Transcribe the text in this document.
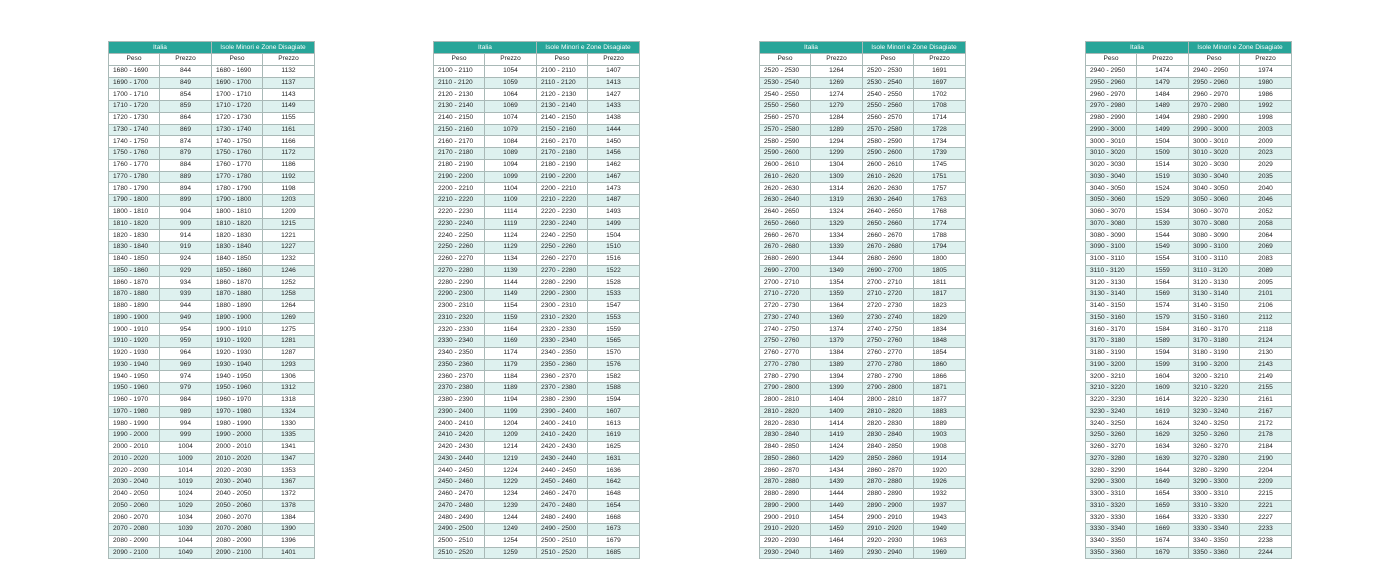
Italia		Isole Minori e Zone Disagiate	
Peso	Prezzo	Peso	Prezzo
1680 - 1690	844	1680 - 1690	1132
1690 - 1700	849	1690 - 1700	1137
1700 - 1710	854	1700 - 1710	1143
1710 - 1720	859	1710 - 1720	1149
1720 - 1730	864	1720 - 1730	1155
1730 - 1740	869	1730 - 1740	1161
1740 - 1750	874	1740 - 1750	1166
1750 - 1760	879	1750 - 1760	1172
1760 - 1770	884	1760 - 1770	1186
1770 - 1780	889	1770 - 1780	1192
1780 - 1790	894	1780 - 1790	1198
1790 - 1800	899	1790 - 1800	1203
1800 - 1810	904	1800 - 1810	1209
1810 - 1820	909	1810 - 1820	1215
1820 - 1830	914	1820 - 1830	1221
1830 - 1840	919	1830 - 1840	1227
1840 - 1850	924	1840 - 1850	1232
1850 - 1860	929	1850 - 1860	1246
1860 - 1870	934	1860 - 1870	1252
1870 - 1880	939	1870 - 1880	1258
1880 - 1890	944	1880 - 1890	1264
1890 - 1900	949	1890 - 1900	1269
1900 - 1910	954	1900 - 1910	1275
1910 - 1920	959	1910 - 1920	1281
1920 - 1930	964	1920 - 1930	1287
1930 - 1940	969	1930 - 1940	1293
1940 - 1950	974	1940 - 1950	1306
1950 - 1960	979	1950 - 1960	1312
1960 - 1970	984	1960 - 1970	1318
1970 - 1980	989	1970 - 1980	1324
1980 - 1990	994	1980 - 1990	1330
1990 - 2000	999	1990 - 2000	1335
2000 - 2010	1004	2000 - 2010	1341
2010 - 2020	1009	2010 - 2020	1347
2020 - 2030	1014	2020 - 2030	1353
2030 - 2040	1019	2030 - 2040	1367
2040 - 2050	1024	2040 - 2050	1372
2050 - 2060	1029	2050 - 2060	1378
2060 - 2070	1034	2060 - 2070	1384
2070 - 2080	1039	2070 - 2080	1390
2080 - 2090	1044	2080 - 2090	1396
2090 - 2100	1049	2090 - 2100	1401
Italia		Isole Minori e Zone Disagiate	
Peso	Prezzo	Peso	Prezzo
2100 - 2110	1054	2100 - 2110	1407
2110 - 2120	1059	2110 - 2120	1413
2120 - 2130	1064	2120 - 2130	1427
2130 - 2140	1069	2130 - 2140	1433
2140 - 2150	1074	2140 - 2150	1438
2150 - 2160	1079	2150 - 2160	1444
2160 - 2170	1084	2160 - 2170	1450
2170 - 2180	1089	2170 - 2180	1456
2180 - 2190	1094	2180 - 2190	1462
2190 - 2200	1099	2190 - 2200	1467
2200 - 2210	1104	2200 - 2210	1473
2210 - 2220	1109	2210 - 2220	1487
2220 - 2230	1114	2220 - 2230	1493
2230 - 2240	1119	2230 - 2240	1499
2240 - 2250	1124	2240 - 2250	1504
2250 - 2260	1129	2250 - 2260	1510
2260 - 2270	1134	2260 - 2270	1516
2270 - 2280	1139	2270 - 2280	1522
2280 - 2290	1144	2280 - 2290	1528
2290 - 2300	1149	2290 - 2300	1533
2300 - 2310	1154	2300 - 2310	1547
2310 - 2320	1159	2310 - 2320	1553
2320 - 2330	1164	2320 - 2330	1559
2330 - 2340	1169	2330 - 2340	1565
2340 - 2350	1174	2340 - 2350	1570
2350 - 2360	1179	2350 - 2360	1576
2360 - 2370	1184	2360 - 2370	1582
2370 - 2380	1189	2370 - 2380	1588
2380 - 2390	1194	2380 - 2390	1594
2390 - 2400	1199	2390 - 2400	1607
2400 - 2410	1204	2400 - 2410	1613
2410 - 2420	1209	2410 - 2420	1619
2420 - 2430	1214	2420 - 2430	1625
2430 - 2440	1219	2430 - 2440	1631
2440 - 2450	1224	2440 - 2450	1636
2450 - 2460	1229	2450 - 2460	1642
2460 - 2470	1234	2460 - 2470	1648
2470 - 2480	1239	2470 - 2480	1654
2480 - 2490	1244	2480 - 2490	1668
2490 - 2500	1249	2490 - 2500	1673
2500 - 2510	1254	2500 - 2510	1679
2510 - 2520	1259	2510 - 2520	1685
Italia		Isole Minori e Zone Disagiate	
Peso	Prezzo	Peso	Prezzo
2520 - 2530	1264	2520 - 2530	1691
2530 - 2540	1269	2530 - 2540	1697
2540 - 2550	1274	2540 - 2550	1702
2550 - 2560	1279	2550 - 2560	1708
2560 - 2570	1284	2560 - 2570	1714
2570 - 2580	1289	2570 - 2580	1728
2580 - 2590	1294	2580 - 2590	1734
2590 - 2600	1299	2590 - 2600	1739
2600 - 2610	1304	2600 - 2610	1745
2610 - 2620	1309	2610 - 2620	1751
2620 - 2630	1314	2620 - 2630	1757
2630 - 2640	1319	2630 - 2640	1763
2640 - 2650	1324	2640 - 2650	1768
2650 - 2660	1329	2650 - 2660	1774
2660 - 2670	1334	2660 - 2670	1788
2670 - 2680	1339	2670 - 2680	1794
2680 - 2690	1344	2680 - 2690	1800
2690 - 2700	1349	2690 - 2700	1805
2700 - 2710	1354	2700 - 2710	1811
2710 - 2720	1359	2710 - 2720	1817
2720 - 2730	1364	2720 - 2730	1823
2730 - 2740	1369	2730 - 2740	1829
2740 - 2750	1374	2740 - 2750	1834
2750 - 2760	1379	2750 - 2760	1848
2760 - 2770	1384	2760 - 2770	1854
2770 - 2780	1389	2770 - 2780	1860
2780 - 2790	1394	2780 - 2790	1866
2790 - 2800	1399	2790 - 2800	1871
2800 - 2810	1404	2800 - 2810	1877
2810 - 2820	1409	2810 - 2820	1883
2820 - 2830	1414	2820 - 2830	1889
2830 - 2840	1419	2830 - 2840	1903
2840 - 2850	1424	2840 - 2850	1908
2850 - 2860	1429	2850 - 2860	1914
2860 - 2870	1434	2860 - 2870	1920
2870 - 2880	1439	2870 - 2880	1926
2880 - 2890	1444	2880 - 2890	1932
2890 - 2900	1449	2890 - 2900	1937
2900 - 2910	1454	2900 - 2910	1943
2910 - 2920	1459	2910 - 2920	1949
2920 - 2930	1464	2920 - 2930	1963
2930 - 2940	1469	2930 - 2940	1969
Italia		Isole Minori e Zone Disagiate	
Peso	Prezzo	Peso	Prezzo
2940 - 2950	1474	2940 - 2950	1974
2950 - 2960	1479	2950 - 2960	1980
2960 - 2970	1484	2960 - 2970	1986
2970 - 2980	1489	2970 - 2980	1992
2980 - 2990	1494	2980 - 2990	1998
2990 - 3000	1499	2990 - 3000	2003
3000 - 3010	1504	3000 - 3010	2009
3010 - 3020	1509	3010 - 3020	2023
3020 - 3030	1514	3020 - 3030	2029
3030 - 3040	1519	3030 - 3040	2035
3040 - 3050	1524	3040 - 3050	2040
3050 - 3060	1529	3050 - 3060	2046
3060 - 3070	1534	3060 - 3070	2052
3070 - 3080	1539	3070 - 3080	2058
3080 - 3090	1544	3080 - 3090	2064
3090 - 3100	1549	3090 - 3100	2069
3100 - 3110	1554	3100 - 3110	2083
3110 - 3120	1559	3110 - 3120	2089
3120 - 3130	1564	3120 - 3130	2095
3130 - 3140	1569	3130 - 3140	2101
3140 - 3150	1574	3140 - 3150	2106
3150 - 3160	1579	3150 - 3160	2112
3160 - 3170	1584	3160 - 3170	2118
3170 - 3180	1589	3170 - 3180	2124
3180 - 3190	1594	3180 - 3190	2130
3190 - 3200	1599	3190 - 3200	2143
3200 - 3210	1604	3200 - 3210	2149
3210 - 3220	1609	3210 - 3220	2155
3220 - 3230	1614	3220 - 3230	2161
3230 - 3240	1619	3230 - 3240	2167
3240 - 3250	1624	3240 - 3250	2172
3250 - 3260	1629	3250 - 3260	2178
3260 - 3270	1634	3260 - 3270	2184
3270 - 3280	1639	3270 - 3280	2190
3280 - 3290	1644	3280 - 3290	2204
3290 - 3300	1649	3290 - 3300	2209
3300 - 3310	1654	3300 - 3310	2215
3310 - 3320	1659	3310 - 3320	2221
3320 - 3330	1664	3320 - 3330	2227
3330 - 3340	1669	3330 - 3340	2233
3340 - 3350	1674	3340 - 3350	2238
3350 - 3360	1679	3350 - 3360	2244
